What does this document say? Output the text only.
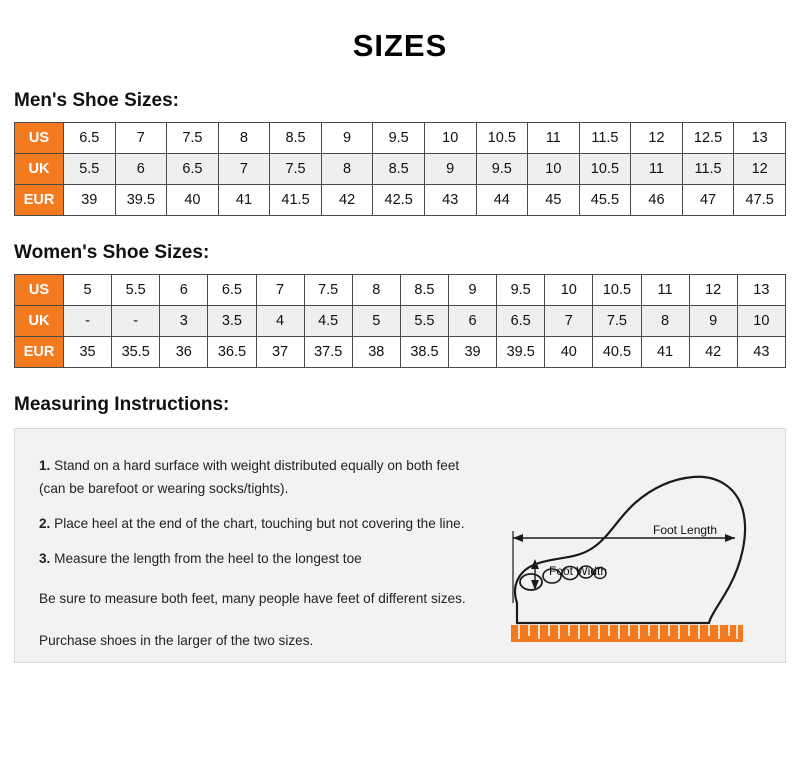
SIZES
Men's Shoe Sizes:
US	6.5	7	7.5	8	8.5	9	9.5	10	10.5	11	11.5	12	12.5	13
UK	5.5	6	6.5	7	7.5	8	8.5	9	9.5	10	10.5	11	11.5	12
EUR	39	39.5	40	41	41.5	42	42.5	43	44	45	45.5	46	47	47.5
Women's Shoe Sizes:
US	5	5.5	6	6.5	7	7.5	8	8.5	9	9.5	10	10.5	11	12	13
UK	-	-	3	3.5	4	4.5	5	5.5	6	6.5	7	7.5	8	9	10
EUR	35	35.5	36	36.5	37	37.5	38	38.5	39	39.5	40	40.5	41	42	43
Measuring Instructions:

1. Stand on a hard surface with weight distributed equally on both feet

(can be barefoot or wearing socks/tights).

2. Place heel at the end of the chart, touching but not covering the line.

3. Measure the length from the heel to the longest toe

Be sure to measure both feet, many people have feet of different sizes.

Purchase shoes in the larger of the two sizes.

Foot Length
Foot Width
